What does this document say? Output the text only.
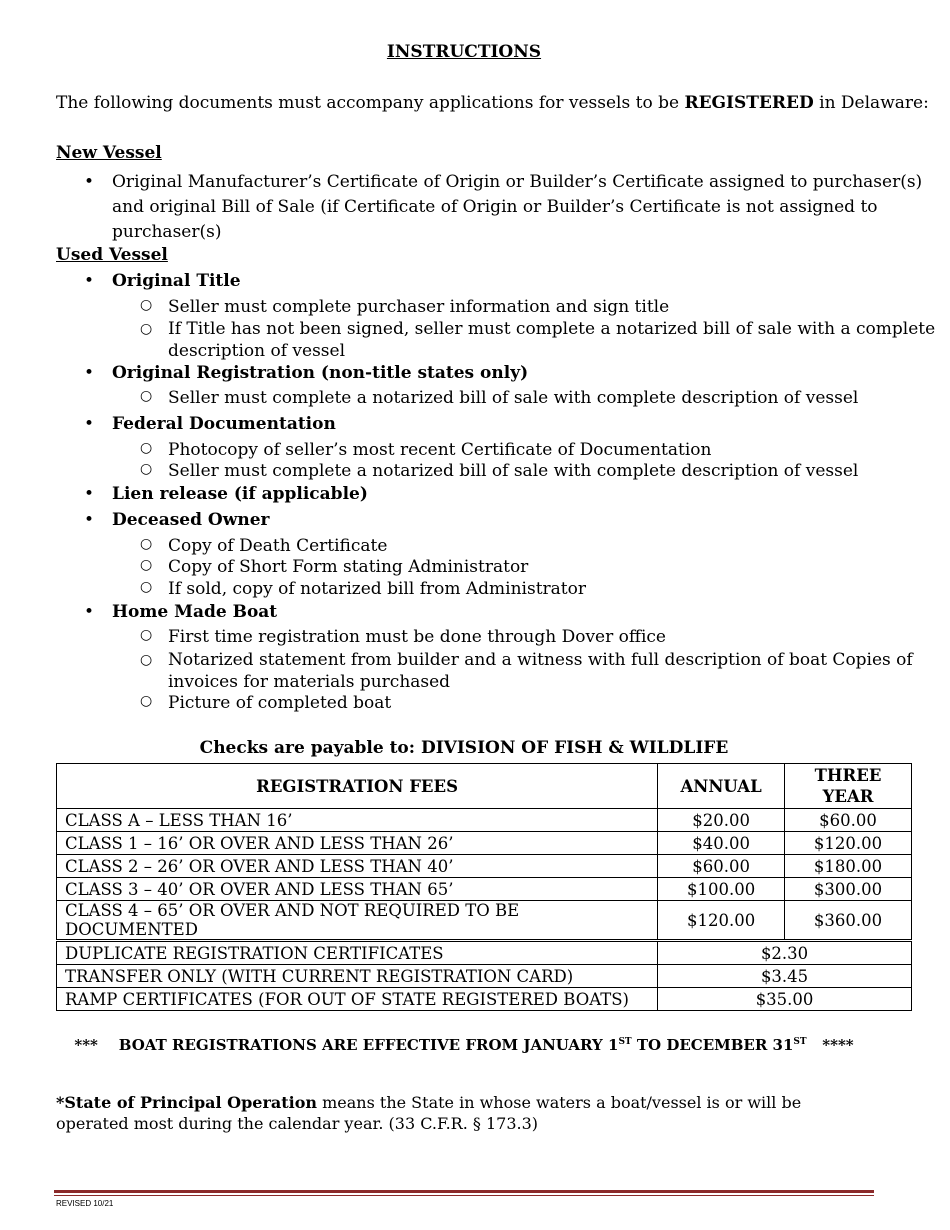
INSTRUCTIONS
The following documents must accompany applications for vessels to be REGISTERED in Delaware:
New Vessel
• Original Manufacturer’s Certificate of Origin or Builder’s Certificate assigned to purchaser(s)
and original Bill of Sale (if Certificate of Origin or Builder’s Certificate is not assigned to
purchaser(s)
Used Vessel
• Original Title
○ Seller must complete purchaser information and sign title
○ If Title has not been signed, seller must complete a notarized bill of sale with a complete
description of vessel
• Original Registration (non-title states only)
○ Seller must complete a notarized bill of sale with complete description of vessel
• Federal Documentation
○ Photocopy of seller’s most recent Certificate of Documentation
○ Seller must complete a notarized bill of sale with complete description of vessel
• Lien release (if applicable)
• Deceased Owner
○ Copy of Death Certificate
○ Copy of Short Form stating Administrator
○ If sold, copy of notarized bill from Administrator
• Home Made Boat
○ First time registration must be done through Dover office
○ Notarized statement from builder and a witness with full description of boat Copies of
invoices for materials purchased
○ Picture of completed boat
Checks are payable to: DIVISION OF FISH & WILDLIFE
REGISTRATION FEES	ANNUAL	THREE
YEAR
CLASS A – LESS THAN 16’	$20.00	$60.00
CLASS 1 – 16’ OR OVER AND LESS THAN 26’	$40.00	$120.00
CLASS 2 – 26’ OR OVER AND LESS THAN 40’	$60.00	$180.00
CLASS 3 – 40’ OR OVER AND LESS THAN 65’	$100.00	$300.00
CLASS 4 – 65’ OR OVER AND NOT REQUIRED TO BE DOCUMENTED	$120.00	$360.00
DUPLICATE REGISTRATION CERTIFICATES	$2.30	
TRANSFER ONLY (WITH CURRENT REGISTRATION CARD)	$3.45	
RAMP CERTIFICATES (FOR OUT OF STATE REGISTERED BOATS)	$35.00	
***    BOAT REGISTRATIONS ARE EFFECTIVE FROM JANUARY 1ST TO DECEMBER 31ST   ****
*State of Principal Operation means the State in whose waters a boat/vessel is or will be operated most during the calendar year. (33 C.F.R. § 173.3)
REVISED 10/21
